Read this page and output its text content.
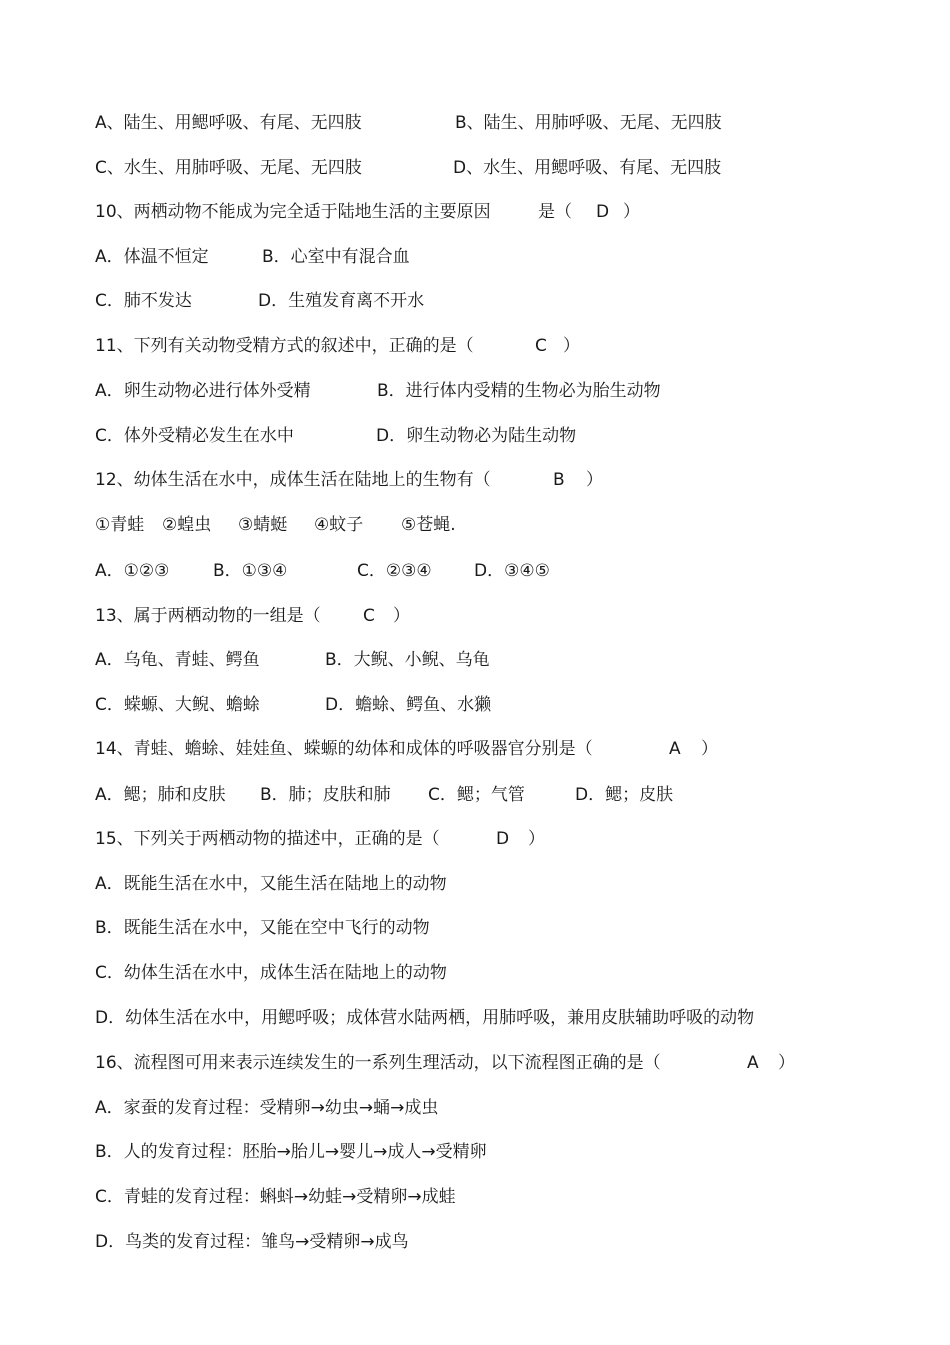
A、陆生、用鳃呼吸、有尾、无四肢	B、陆生、用肺呼吸、无尾、无四肢
C、水生、用肺呼吸、无尾、无四肢	D、水生、用鳃呼吸、有尾、无四肢
10、两栖动物不能成为完全适于陆地生活的主要原因	是（ D ）
A．体温不恒定	B．心室中有混合血
C．肺不发达	D．生殖发育离不开水
11、下列有关动物受精方式的叙述中，正确的是（	C ）
A．卵生动物必进行体外受精	B．进行体内受精的生物必为胎生动物
C．体外受精必发生在水中	D．卵生动物必为陆生动物
12、幼体生活在水中，成体生活在陆地上的生物有（	B ）
①青蛙 ②蝗虫 ③蜻蜓 ④蚊子 ⑤苍蝇.
A．①②③	B．①③④	C．②③④ D．③④⑤
13、属于两栖动物的一组是（ C ）
A．乌龟、青蛙、鳄鱼	B．大鲵、小鲵、乌龟
C．蝾螈、大鲵、蟾蜍	D．蟾蜍、鳄鱼、水獭
14、青蛙、蟾蜍、娃娃鱼、蝾螈的幼体和成体的呼吸器官分别是（	A ）
A．鳃；肺和皮肤 B．肺；皮肤和肺 C．鳃；气管	D．鳃；皮肤
15、下列关于两栖动物的描述中，正确的是（	D ）
A．既能生活在水中，又能生活在陆地上的动物
B．既能生活在水中，又能在空中飞行的动物
C．幼体生活在水中，成体生活在陆地上的动物
D．幼体生活在水中，用鳃呼吸；成体营水陆两栖，用肺呼吸，兼用皮肤辅助呼吸的动物
16、流程图可用来表示连续发生的一系列生理活动，以下流程图正确的是（	A ）
A．家蚕的发育过程：受精卵→幼虫→蛹→成虫
B．人的发育过程：胚胎→胎儿→婴儿→成人→受精卵
C．青蛙的发育过程：蝌蚪→幼蛙→受精卵→成蛙
D．鸟类的发育过程：雏鸟→受精卵→成鸟
